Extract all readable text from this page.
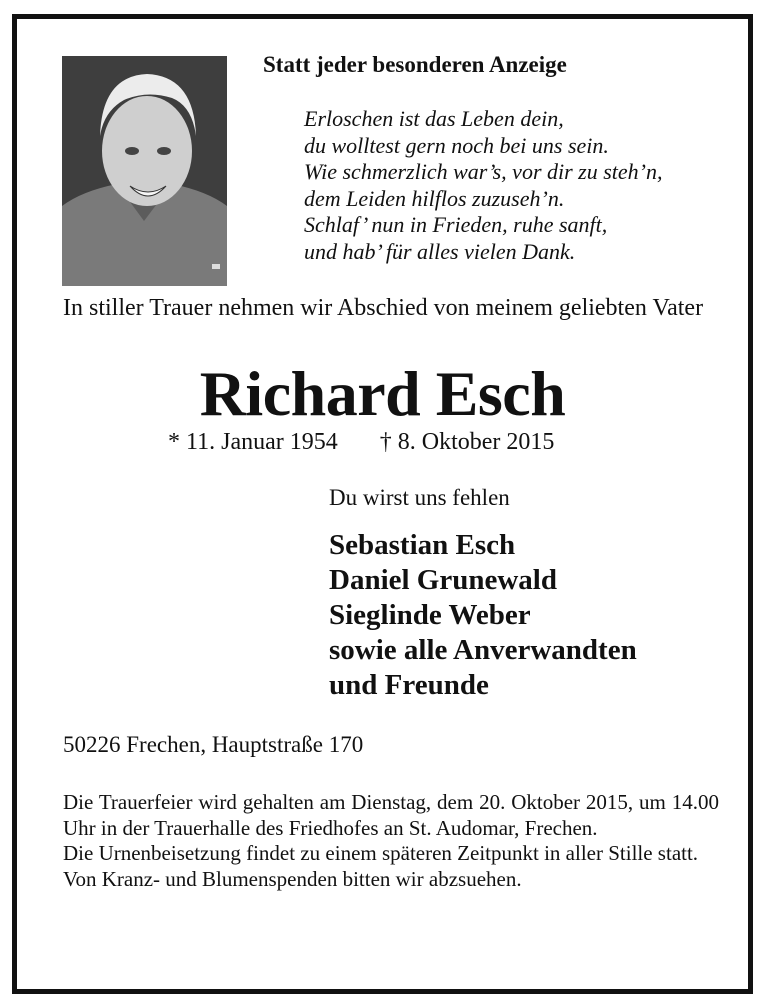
Statt jeder besonderen Anzeige
Erloschen ist das Leben dein,
du wolltest gern noch bei uns sein.
Wie schmerzlich war’s, vor dir zu steh’n,
dem Leiden hilflos zuzuseh’n.
Schlaf’ nun in Frieden, ruhe sanft,
und hab’ für alles vielen Dank.
In stiller Trauer nehmen wir Abschied von meinem geliebten Vater
Richard Esch
* 11. Januar 1954 † 8. Oktober 2015
Du wirst uns fehlen
Sebastian Esch
Daniel Grunewald
Sieglinde Weber
sowie alle Anverwandten
und Freunde
50226 Frechen, Hauptstraße 170

Die Trauerfeier wird gehalten am Dienstag, dem 20. Oktober 2015, um 14.00 Uhr in der Trauerhalle des Friedhofes an St. Audomar, Frechen.

Die Urnenbeisetzung findet zu einem späteren Zeitpunkt in aller Stille statt.

Von Kranz- und Blumenspenden bitten wir abzsuehen.
